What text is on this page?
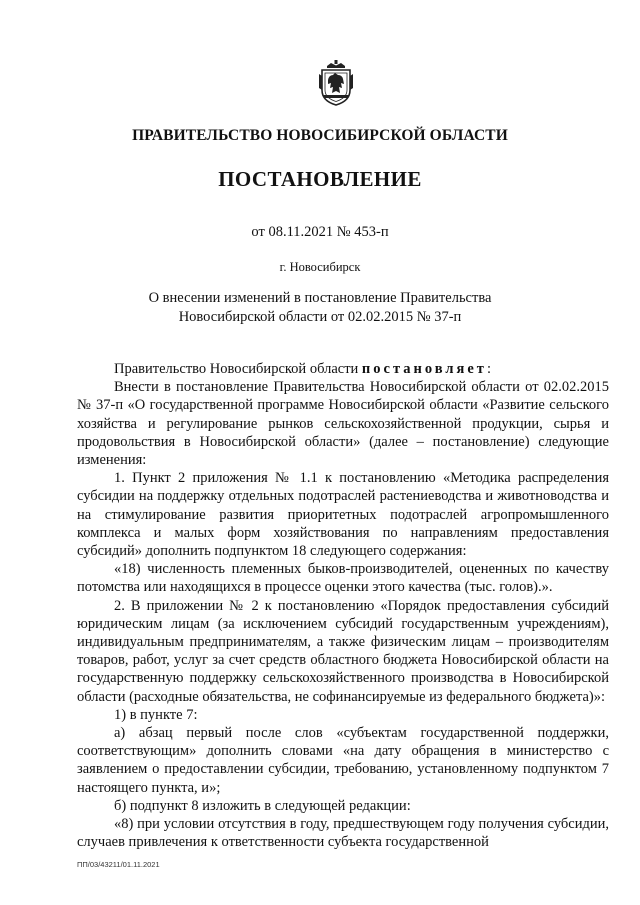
ПРАВИТЕЛЬСТВО НОВОСИБИРСКОЙ ОБЛАСТИ
ПОСТАНОВЛЕНИЕ
от 08.11.2021 № 453-п
г. Новосибирск
О внесении изменений в постановление Правительства
Новосибирской области от 02.02.2015 № 37-п

Правительство Новосибирской области постановляет:

Внести в постановление Правительства Новосибирской области от 02.02.2015 № 37-п «О государственной программе Новосибирской области «Развитие сельского хозяйства и регулирование рынков сельскохозяйственной продукции, сырья и продовольствия в Новосибирской области» (далее – постановление) следующие изменения:

1. Пункт 2 приложения № 1.1 к постановлению «Методика распределения субсидии на поддержку отдельных подотраслей растениеводства и животноводства и на стимулирование развития приоритетных подотраслей агропромышленного комплекса и малых форм хозяйствования по направлениям предоставления субсидий» дополнить подпунктом 18 следующего содержания:

«18) численность племенных быков-производителей, оцененных по качеству потомства или находящихся в процессе оценки этого качества (тыс. голов).».

2. В приложении № 2 к постановлению «Порядок предоставления субсидий юридическим лицам (за исключением субсидий государственным учреждениям), индивидуальным предпринимателям, а также физическим лицам – производителям товаров, работ, услуг за счет средств областного бюджета Новосибирской области на государственную поддержку сельскохозяйственного производства в Новосибирской области (расходные обязательства, не софинансируемые из федерального бюджета)»:

1) в пункте 7:

а) абзац первый после слов «субъектам государственной поддержки, соответствующим» дополнить словами «на дату обращения в министерство с заявлением о предоставлении субсидии, требованию, установленному подпунктом 7 настоящего пункта, и»;

б) подпункт 8 изложить в следующей редакции:

«8) при условии отсутствия в году, предшествующем году получения субсидии, случаев привлечения к ответственности субъекта государственной

ПП/03/43211/01.11.2021
